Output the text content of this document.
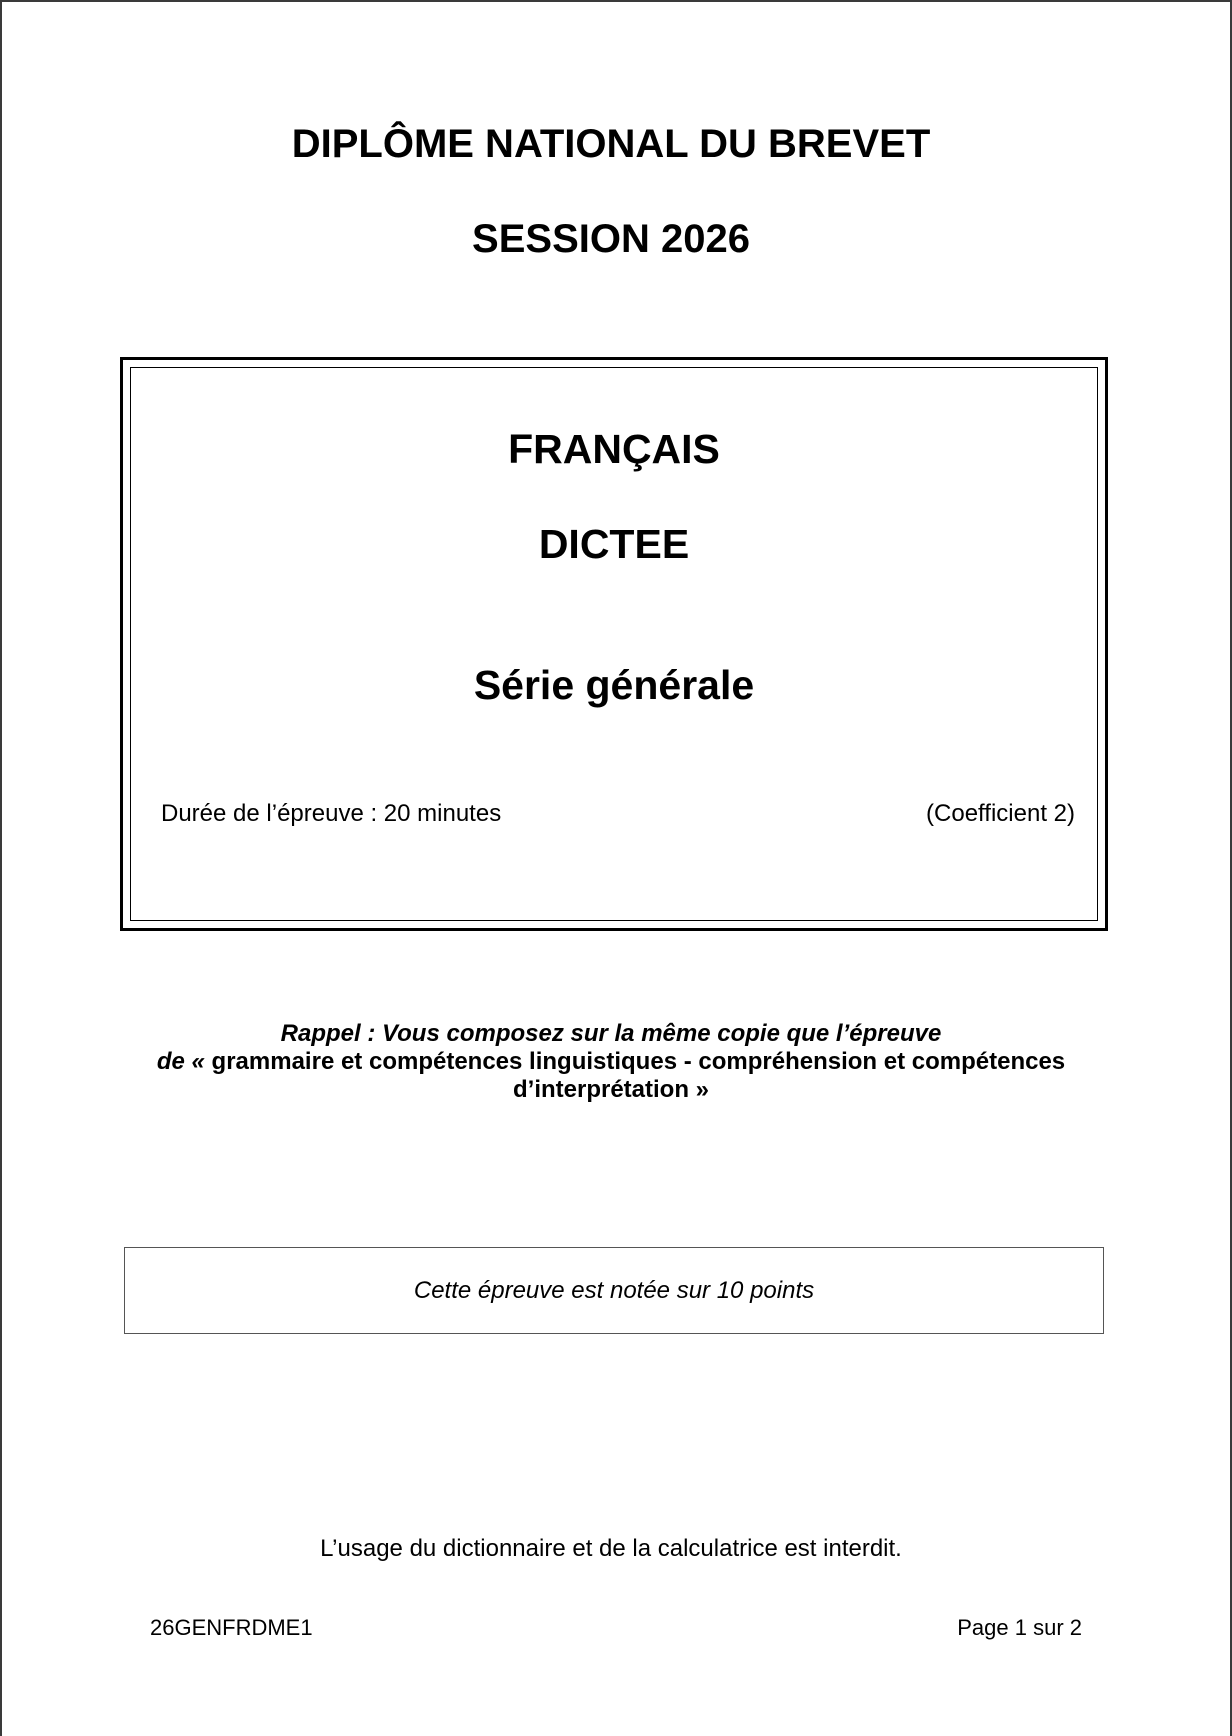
DIPLÔME NATIONAL DU BREVET
SESSION 2026
FRANÇAIS
DICTEE
Série générale
Durée de l’épreuve : 20 minutes	(Coefficient 2)
Rappel : Vous composez sur la même copie que l’épreuve
de « grammaire et compétences linguistiques - compréhension et compétences
d’interprétation »
Cette épreuve est notée sur 10 points
L’usage du dictionnaire et de la calculatrice est interdit.
26GENFRDME1	Page 1 sur 2
